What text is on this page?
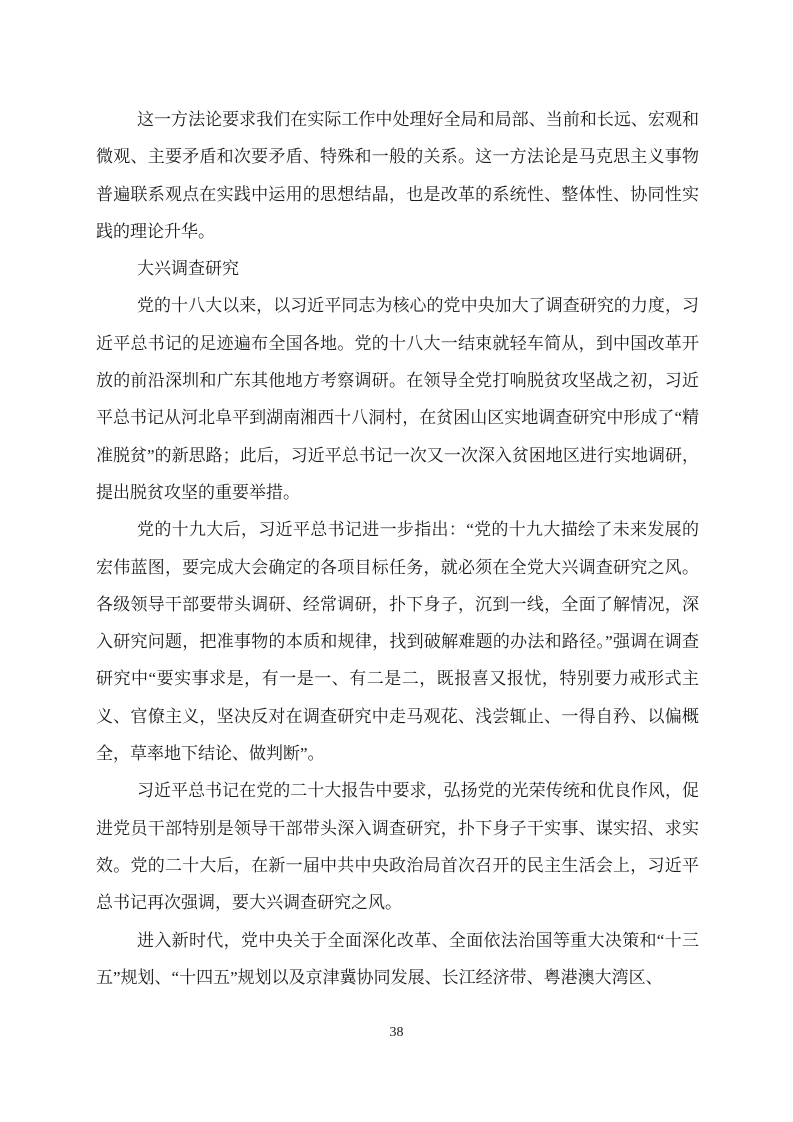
这一方法论要求我们在实际工作中处理好全局和局部、当前和长远、宏观和微观、主要矛盾和次要矛盾、特殊和一般的关系。这一方法论是马克思主义事物普遍联系观点在实践中运用的思想结晶，也是改革的系统性、整体性、协同性实践的理论升华。

大兴调查研究

党的十八大以来，以习近平同志为核心的党中央加大了调查研究的力度，习近平总书记的足迹遍布全国各地。党的十八大一结束就轻车简从，到中国改革开放的前沿深圳和广东其他地方考察调研。在领导全党打响脱贫攻坚战之初，习近平总书记从河北阜平到湖南湘西十八洞村，在贫困山区实地调查研究中形成了“精准脱贫”的新思路；此后，习近平总书记一次又一次深入贫困地区进行实地调研，提出脱贫攻坚的重要举措。

党的十九大后，习近平总书记进一步指出：“党的十九大描绘了未来发展的宏伟蓝图，要完成大会确定的各项目标任务，就必须在全党大兴调查研究之风。各级领导干部要带头调研、经常调研，扑下身子，沉到一线，全面了解情况，深入研究问题，把准事物的本质和规律，找到破解难题的办法和路径。”强调在调查研究中“要实事求是，有一是一、有二是二，既报喜又报忧，特别要力戒形式主义、官僚主义，坚决反对在调查研究中走马观花、浅尝辄止、一得自矜、以偏概全，草率地下结论、做判断”。

习近平总书记在党的二十大报告中要求，弘扬党的光荣传统和优良作风，促进党员干部特别是领导干部带头深入调查研究，扑下身子干实事、谋实招、求实效。党的二十大后，在新一届中共中央政治局首次召开的民主生活会上，习近平总书记再次强调，要大兴调查研究之风。

进入新时代，党中央关于全面深化改革、全面依法治国等重大决策和“十三五”规划、“十四五”规划以及京津冀协同发展、长江经济带、粤港澳大湾区、

38
